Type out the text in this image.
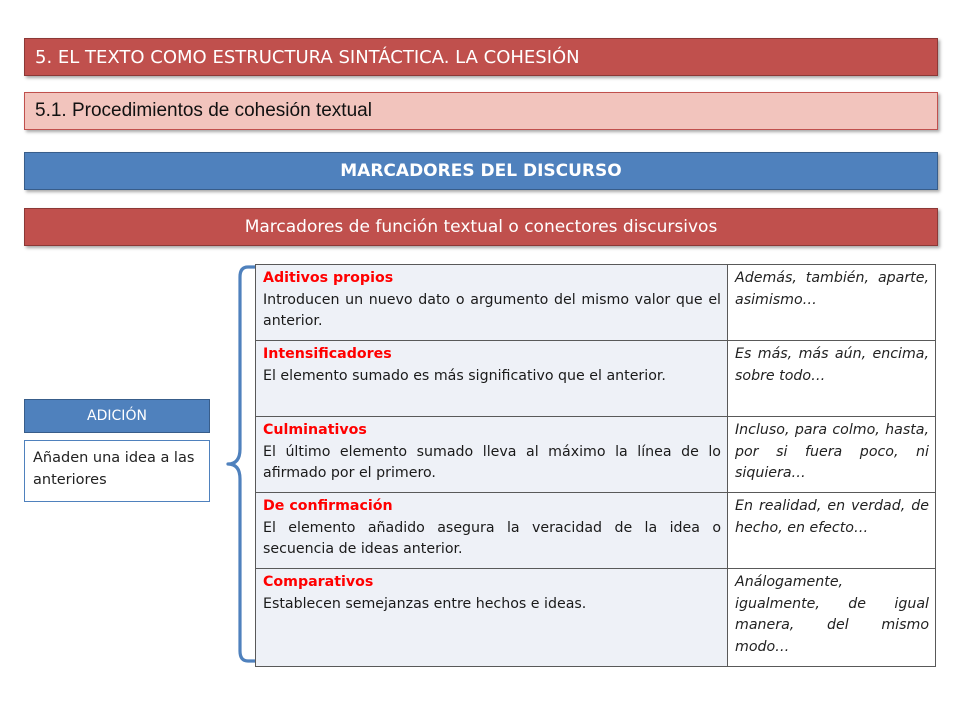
5. EL TEXTO COMO ESTRUCTURA SINTÁCTICA. LA COHESIÓN
5.1. Procedimientos de cohesión textual
MARCADORES DEL DISCURSO
Marcadores de función textual o conectores discursivos
ADICIÓN
Añaden una idea a las anteriores
Aditivos propios
Introducen un nuevo dato o argumento del mismo valor que el anterior.	Además, también, aparte, asimismo…

Intensificadores
El elemento sumado es más significativo que el anterior.	Es más, más aún, encima, sobre todo…

Culminativos
El último elemento sumado lleva al máximo la línea de lo afirmado por el primero.	Incluso, para colmo, hasta, por si fuera poco, ni siquiera…

De confirmación
El elemento añadido asegura la veracidad de la idea o secuencia de ideas anterior.	En realidad, en verdad, de hecho, en efecto…

Comparativos
Establecen semejanzas entre hechos e ideas.	Análogamente, igualmente, de igual manera, del mismo modo…
